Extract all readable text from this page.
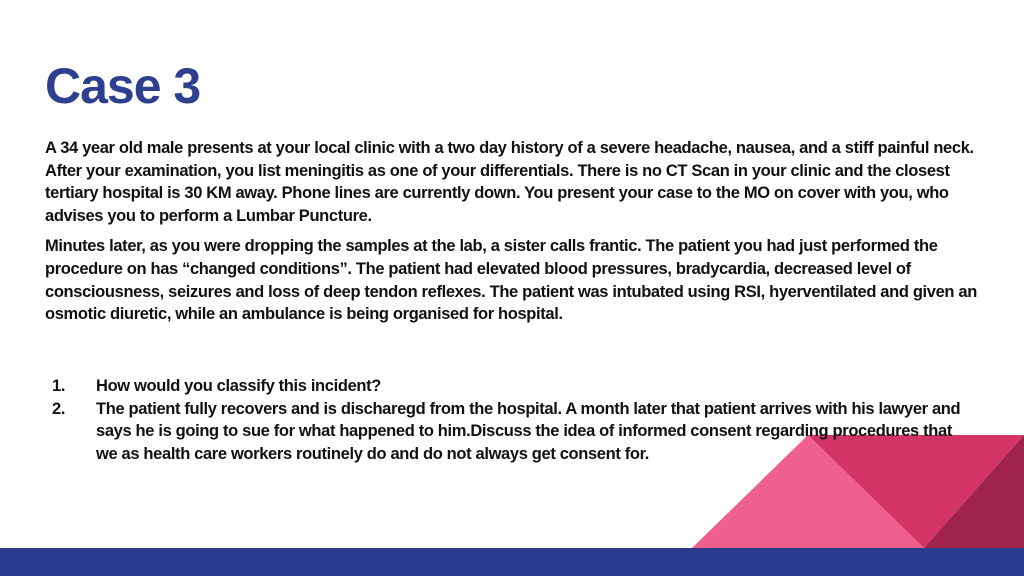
Case 3

A 34 year old male presents at your local clinic with a two day history of a severe headache, nausea, and a stiff painful neck. After your examination, you list meningitis as one of your differentials. There is no CT Scan in your clinic and the closest tertiary hospital is 30 KM away. Phone lines are currently down. You present your case to the MO on cover with you, who advises you to perform a Lumbar Puncture.

Minutes later, as you were dropping the samples at the lab, a sister calls frantic. The patient you had just performed the procedure on has “changed conditions”. The patient had elevated blood pressures, bradycardia, decreased level of consciousness, seizures and loss of deep tendon reflexes. The patient was intubated using RSI, hyerventilated and given an osmotic diuretic, while an ambulance is being organised for hospital.

1.	How would you classify this incident?
2.	The patient fully recovers and is discharegd from the hospital. A month later that patient arrives with his lawyer and says he is going to sue for what happened to him.Discuss the idea of informed consent regarding procedures that we as health care workers routinely do and do not always get consent for.
